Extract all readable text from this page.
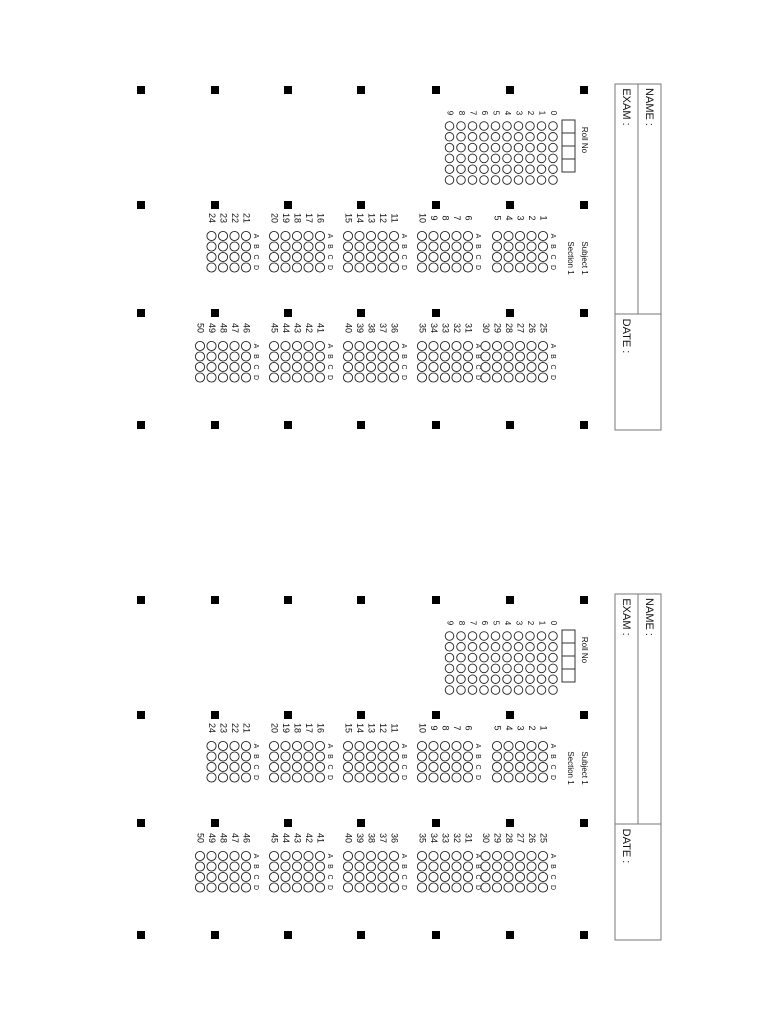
NAME :
EXAM :
DATE :
Roll No
0
1
2
3
4
5
6
7
8
9
Subject 1
Section 1
A
B
C
D
1
2
3
4
5
A
B
C
D
6
7
8
9
10
A
B
C
D
11
12
13
14
15
A
B
C
D
16
17
18
19
20
A
B
C
D
21
22
23
24
A
B
C
D
25
26
27
28
29
30
A
B
C
D
31
32
33
34
35
A
B
C
D
36
37
38
39
40
A
B
C
D
41
42
43
44
45
A
B
C
D
46
47
48
49
50
NAME :
EXAM :
DATE :
Roll No
0
1
2
3
4
5
6
7
8
9
Subject 1
Section 1
A
B
C
D
1
2
3
4
5
A
B
C
D
6
7
8
9
10
A
B
C
D
11
12
13
14
15
A
B
C
D
16
17
18
19
20
A
B
C
D
21
22
23
24
A
B
C
D
25
26
27
28
29
30
A
B
C
D
31
32
33
34
35
A
B
C
D
36
37
38
39
40
A
B
C
D
41
42
43
44
45
A
B
C
D
46
47
48
49
50
